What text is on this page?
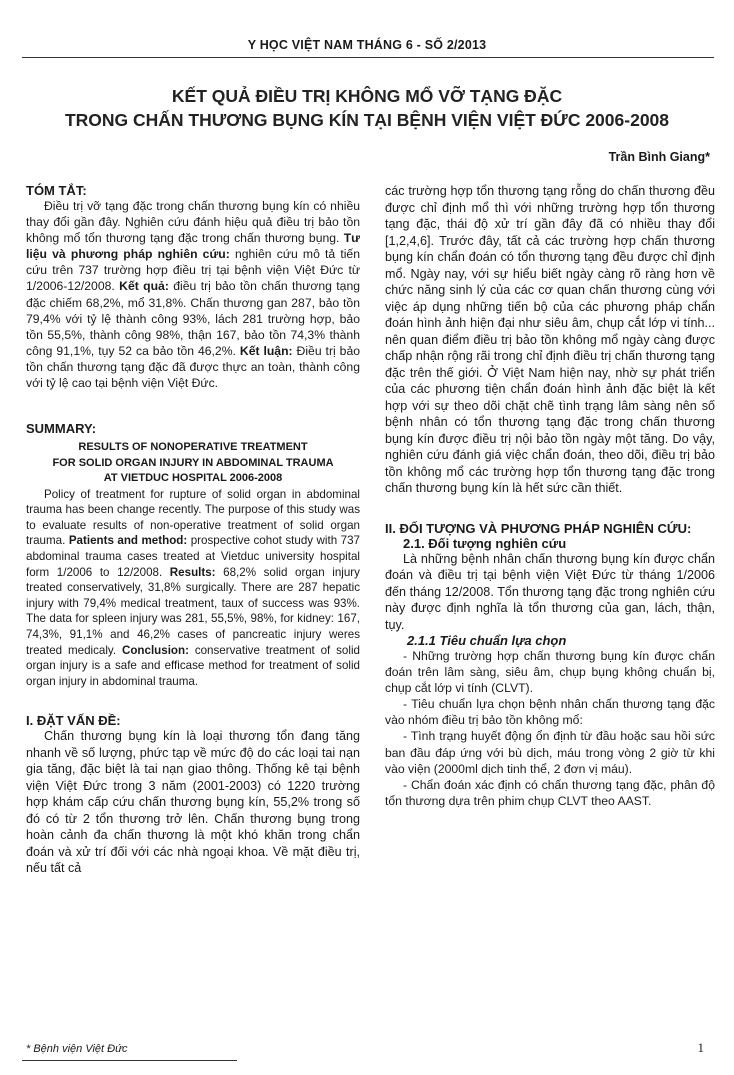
Y HỌC VIỆT NAM THÁNG 6 - SỐ 2/2013
KẾT QUẢ ĐIỀU TRỊ KHÔNG MỔ VỠ TẠNG ĐẶC
TRONG CHẤN THƯƠNG BỤNG KÍN TẠI BỆNH VIỆN VIỆT ĐỨC 2006-2008
Trần Bình Giang*

TÓM TẮT:

Điều trị vỡ tạng đặc trong chấn thương bụng kín có nhiều thay đổi gần đây. Nghiên cứu đánh hiệu quả điều trị bảo tồn không mổ tổn thương tạng đặc trong chấn thương bụng. Tư liệu và phương pháp nghiên cứu: nghiên cứu mô tả tiến cứu trên 737 trường hợp điều trị tại bệnh viện Việt Đức từ 1/2006-12/2008. Kết quả: điều trị bảo tồn chấn thương tạng đặc chiếm 68,2%, mổ 31,8%. Chấn thương gan 287, bảo tồn 79,4% với tỷ lệ thành công 93%, lách 281 trường hợp, bảo tồn 55,5%, thành công 98%, thận 167, bảo tồn 74,3% thành công 91,1%, tụy 52 ca bảo tồn 46,2%. Kết luận: Điều trị bảo tồn chấn thương tạng đặc đã được thực an toàn, thành công với tỷ lệ cao tại bệnh viện Việt Đức.

SUMMARY:

RESULTS OF NONOPERATIVE TREATMENT

FOR SOLID ORGAN INJURY IN ABDOMINAL TRAUMA

AT VIETDUC HOSPITAL 2006-2008

Policy of treatment for rupture of solid organ in abdominal trauma has been change recently. The purpose of this study was to evaluate results of non-operative treatment of solid organ trauma. Patients and method: prospective cohot study with 737 abdominal trauma cases treated at Vietduc university hospital form 1/2006 to 12/2008. Results: 68,2% solid organ injury treated conservatively, 31,8% surgically. There are 287 hepatic injury with 79,4% medical treatment, taux of success was 93%. The data for spleen injury was 281, 55,5%, 98%, for kidney: 167, 74,3%, 91,1% and 46,2% cases of pancreatic injury weres treated medicaly. Conclusion: conservative treatment of solid organ injury is a safe and efficase method for treatment of solid organ injury in abdominal trauma.

I. ĐẶT VẤN ĐỀ:

Chấn thương bụng kín là loại thương tổn đang tăng nhanh về số lượng, phức tạp về mức độ do các loại tai nạn gia tăng, đặc biệt là tai nạn giao thông. Thống kê tại bệnh viện Việt Đức trong 3 năm (2001-2003) có 1220 trường hợp khám cấp cứu chấn thương bụng kín, 55,2% trong số đó có từ 2 tổn thương trở lên. Chấn thương bụng trong hoàn cảnh đa chấn thương là một khó khăn trong chẩn đoán và xử trí đối với các nhà ngoại khoa. Về mặt điều trị, nếu tất cả

các trường hợp tổn thương tạng rỗng do chấn thương đều được chỉ định mổ thì với những trường hợp tổn thương tạng đặc, thái độ xử trí gần đây đã có nhiều thay đổi [1,2,4,6]. Trước đây, tất cả các trường hợp chấn thương bụng kín chẩn đoán có tổn thương tạng đều được chỉ định mổ. Ngày nay, với sự hiểu biết ngày càng rõ ràng hơn về chức năng sinh lý của các cơ quan chấn thương cùng với việc áp dụng những tiến bộ của các phương pháp chẩn đoán hình ảnh hiện đại như siêu âm, chụp cắt lớp vi tính... nên quan điểm điều trị bảo tồn không mổ ngày càng được chấp nhận rộng rãi trong chỉ định điều trị chấn thương tạng đặc trên thế giới. Ở Việt Nam hiện nay, nhờ sự phát triển của các phương tiện chẩn đoán hình ảnh đặc biệt là kết hợp với sự theo dõi chặt chẽ tình trạng lâm sàng nên số bệnh nhân có tổn thương tạng đặc trong chấn thương bụng kín được điều trị nội bảo tồn ngày một tăng. Do vậy, nghiên cứu đánh giá việc chẩn đoán, theo dõi, điều trị bảo tồn không mổ các trường hợp tổn thương tạng đặc trong chấn thương bụng kín là hết sức cần thiết.

II. ĐỐI TƯỢNG VÀ PHƯƠNG PHÁP NGHIÊN CỨU:

2.1. Đối tượng nghiên cứu

Là những bệnh nhân chấn thương bụng kín được chẩn đoán và điều trị tại bệnh viện Việt Đức từ tháng 1/2006 đến tháng 12/2008. Tổn thương tạng đặc trong nghiên cứu này được định nghĩa là tổn thương của gan, lách, thận, tụy.

2.1.1 Tiêu chuẩn lựa chọn

- Những trường hợp chấn thương bụng kín được chẩn đoán trên lâm sàng, siêu âm, chụp bụng không chuẩn bị, chụp cắt lớp vi tính (CLVT).

- Tiêu chuẩn lựa chọn bệnh nhân chấn thương tạng đặc vào nhóm điều trị bảo tồn không mổ:

- Tình trạng huyết động ổn định từ đầu hoặc sau hồi sức ban đầu đáp ứng với bù dịch, máu trong vòng 2 giờ từ khi vào viện (2000ml dịch tinh thể, 2 đơn vị máu).

- Chẩn đoán xác định có chấn thương tạng đặc, phân độ tổn thương dựa trên phim chụp CLVT theo AAST.

* Bệnh viện Việt Đức	1
